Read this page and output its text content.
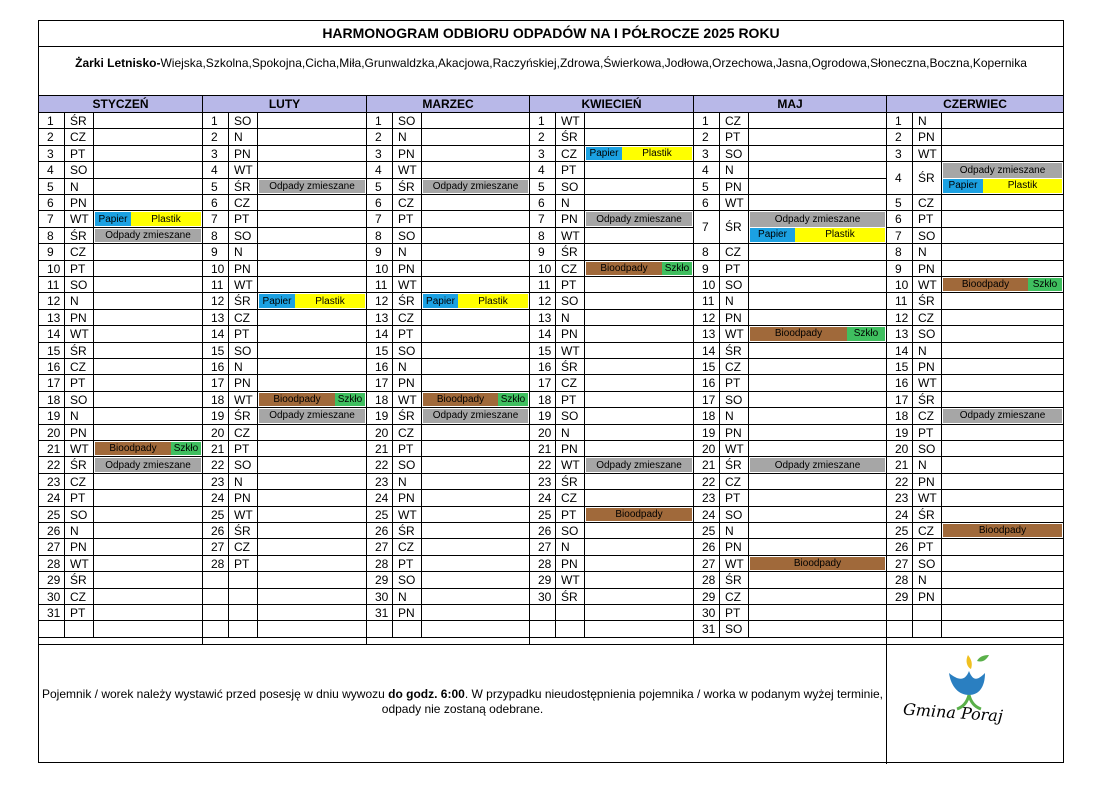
HARMONOGRAM ODBIORU ODPADÓW NA I PÓŁROCZE 2025 ROKU
Żarki Letnisko-Wiejska,Szkolna,Spokojna,Cicha,Miła,Grunwaldzka,Akacjowa,Raczyńskiej,Zdrowa,Świerkowa,Jodłowa,Orzechowa,Jasna,Ogrodowa,Słoneczna,Boczna,Kopernika
STYCZEŃ
1	ŚR
2	CZ
3	PT
4	SO
5	N
6	PN
7	WT Papier	Plastik
8	ŚR	Odpady zmieszane
9	CZ
10 PT
11 SO
12 N
13 PN
14 WT
15 ŚR
16 CZ
17 PT
18 SO
19 N
20 PN
21 WT	Bioodpady	Szkło
22 ŚR	Odpady zmieszane
23 CZ
24 PT
25 SO
26 N
27 PN
28 WT
29 ŚR
30 CZ
31 PT
LUTY
1	SO
2	N
3	PN
4	WT
5	ŚR	Odpady zmieszane
6	CZ
7	PT
8	SO
9	N
10 PN
11 WT
12 ŚR	Papier	Plastik
13 CZ
14 PT
15 SO
16 N
17 PN
18 WT	Bioodpady	Szkło
19 ŚR	Odpady zmieszane
20 CZ
21 PT
22 SO
23 N
24 PN
25 WT
26 ŚR
27 CZ
28 PT
MARZEC
1	SO
2	N
3	PN
4	WT
5	ŚR	Odpady zmieszane
6	CZ
7	PT
8	SO
9	N
10 PN
11 WT
12 ŚR	Papier	Plastik
13 CZ
14 PT
15 SO
16 N
17 PN
18 WT	Bioodpady	Szkło
19 ŚR	Odpady zmieszane
20 CZ
21 PT
22 SO
23 N
24 PN
25 WT
26 ŚR
27 CZ
28 PT
29 SO
30 N
31 PN
KWIECIEŃ
1	WT
2	ŚR
3	CZ	Papier	Plastik
4	PT
5	SO
6	N
7	PN	Odpady zmieszane
8	WT
9	ŚR
10 CZ	Bioodpady	Szkło
11 PT
12 SO
13 N
14 PN
15 WT
16 ŚR
17 CZ
18 PT
19 SO
20 N
21 PN
22 WT	Odpady zmieszane
23 ŚR
24 CZ
25 PT	Bioodpady
26 SO
27 N
28 PN
29 WT
30 ŚR
MAJ
1	CZ
2	PT
3	SO
4	N
5	PN
6	WT
7	ŚR
Odpady zmieszane
Papier	Plastik
8	CZ
9	PT
10 SO
11 N
12 PN
13 WT	Bioodpady	Szkło
14 ŚR
15 CZ
16 PT
17 SO
18 N
19 PN
20 WT
21 ŚR	Odpady zmieszane
22 CZ
23 PT
24 SO
25 N
26 PN
27 WT	Bioodpady
28 ŚR
29 CZ
30 PT
31 SO
CZERWIEC
1	N
2	PN
3	WT
4	ŚR
Odpady zmieszane
Papier	Plastik
5	CZ
6	PT
7	SO
8	N
9	PN
10 WT	Bioodpady	Szkło
11 ŚR
12 CZ
13 SO
14 N
15 PN
16 WT
17 ŚR
18 CZ	Odpady zmieszane
19 PT
20 SO
21 N
22 PN
23 WT
24 ŚR
25 CZ	Bioodpady
26 PT
27 SO
28 N
29 PN
Pojemnik / worek należy wystawić przed posesję w dniu wywozu do godz. 6:00. W przypadku nieudostępnienia pojemnika / worka w podanym wyżej terminie, odpady nie zostaną odebrane.	Gmina Poraj
